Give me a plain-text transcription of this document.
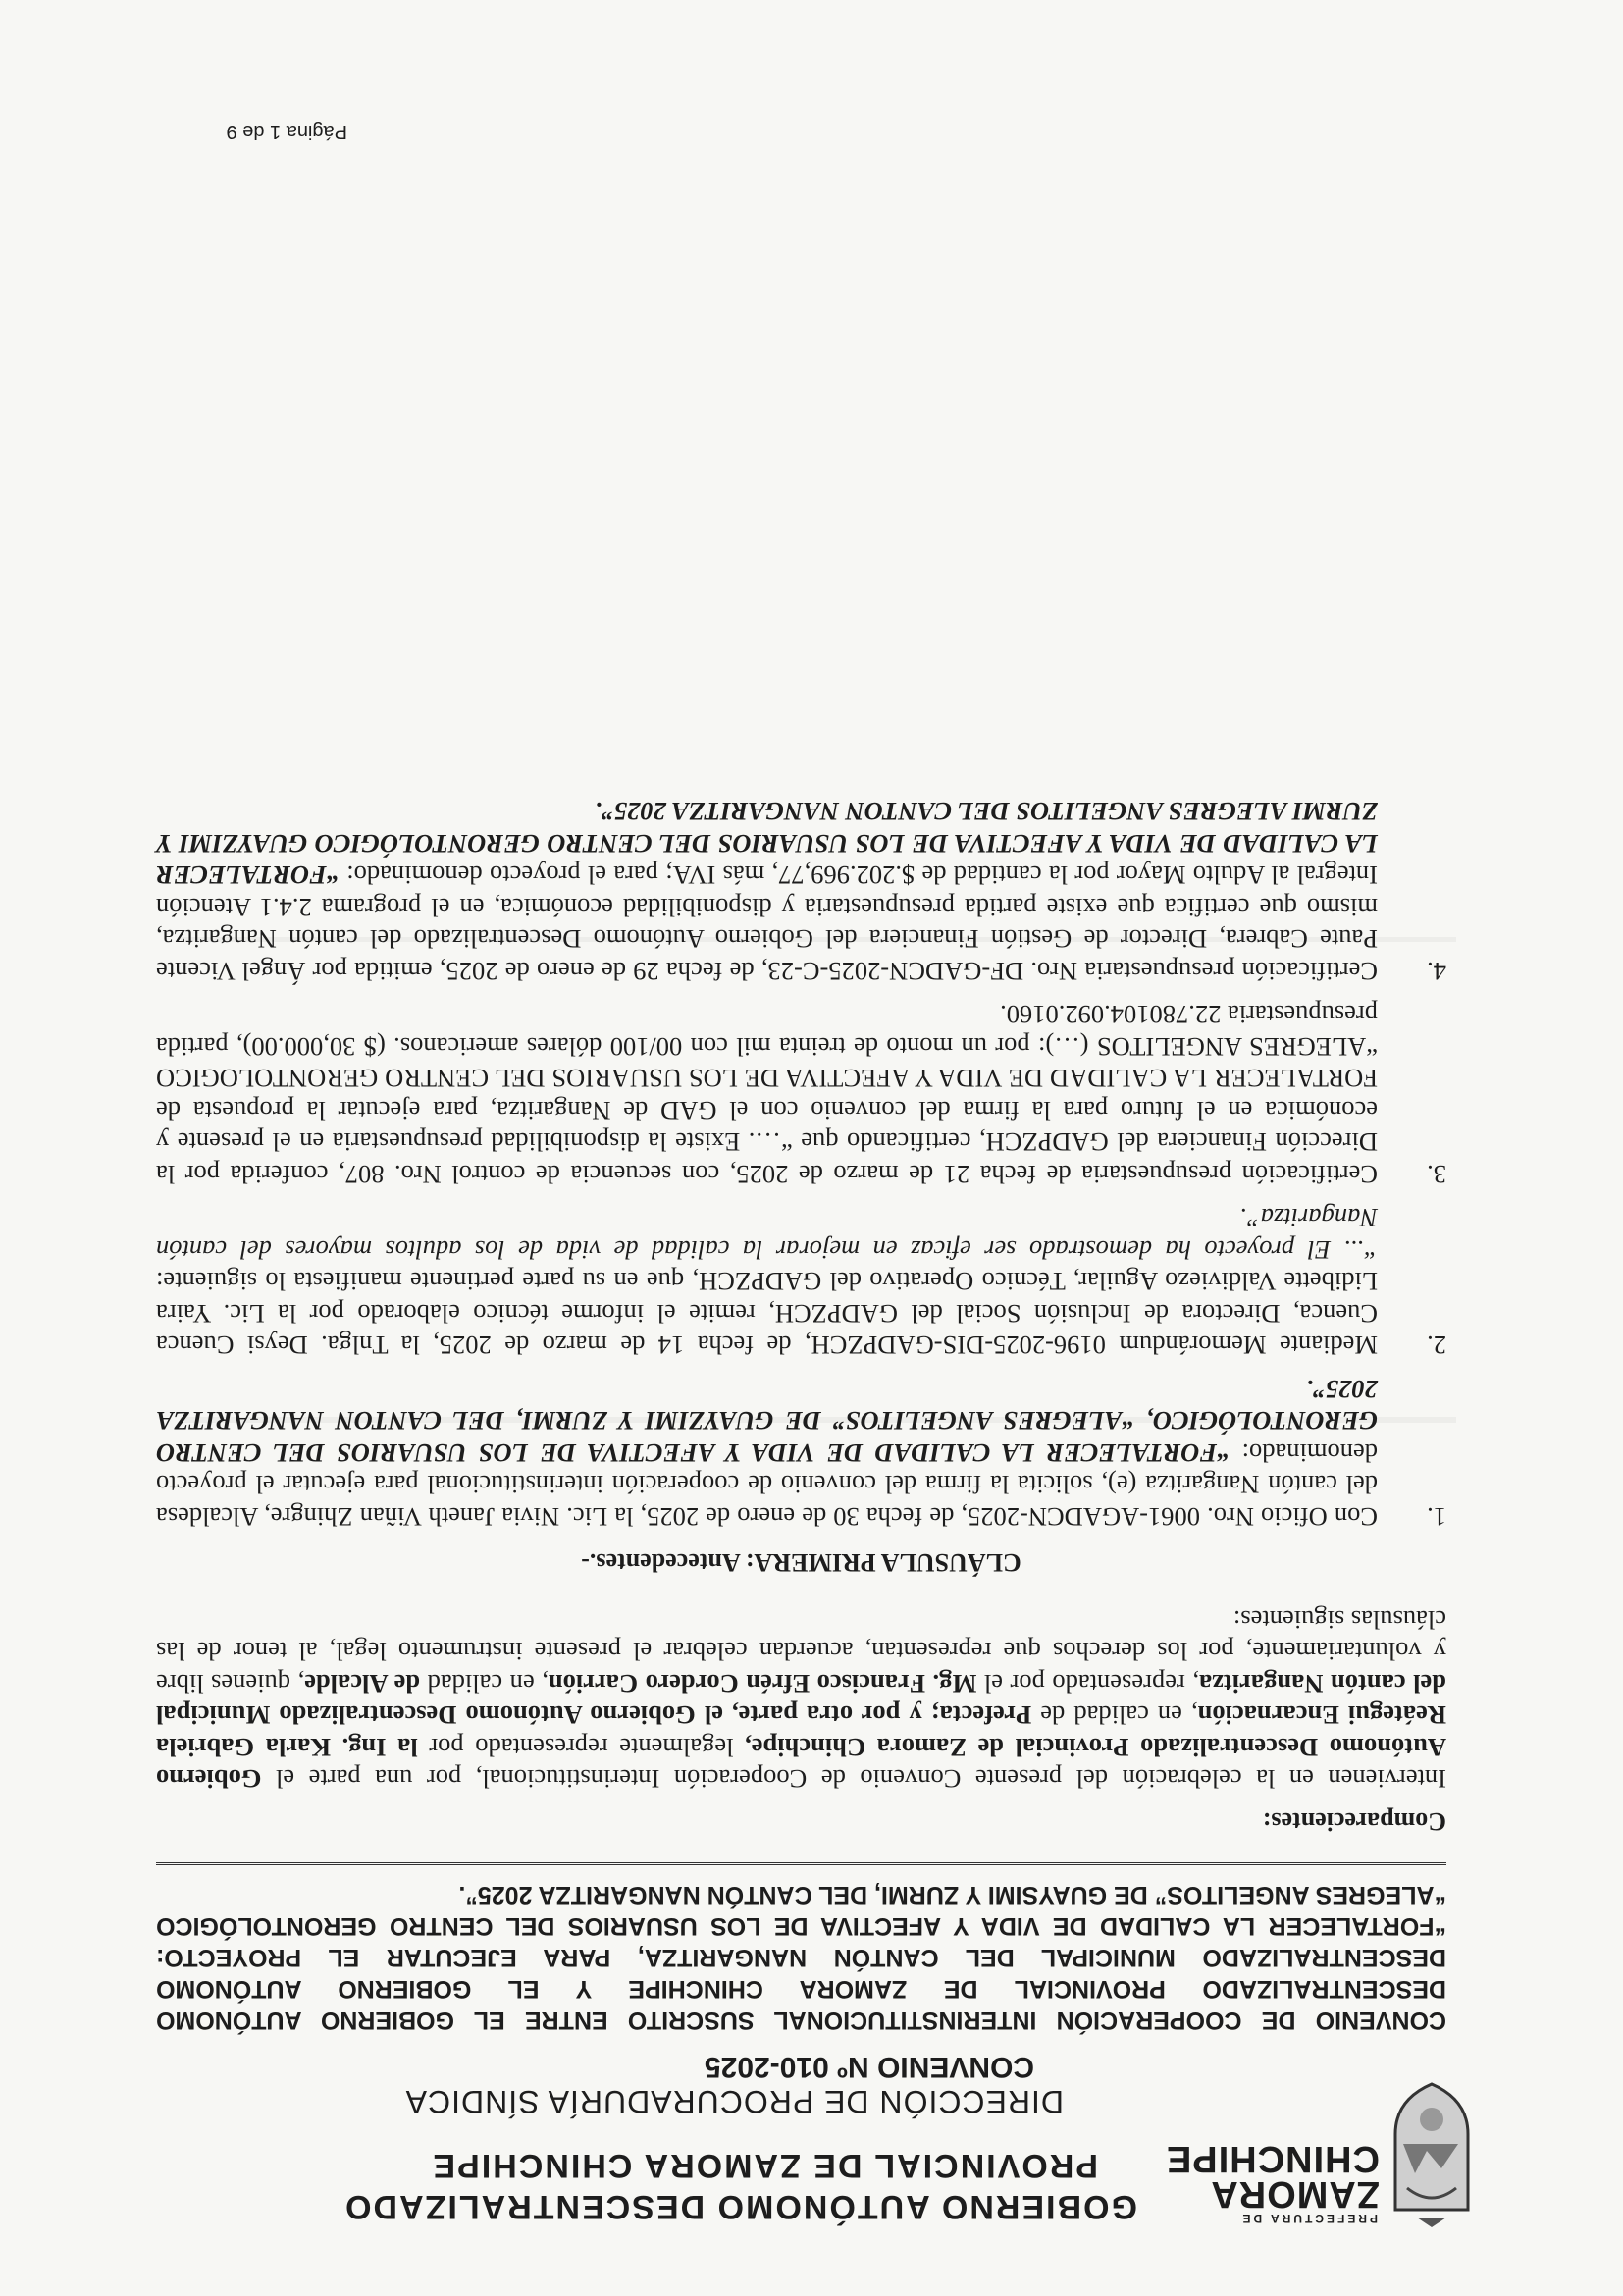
PREFECTURA DE
ZAMORA
CHINCHIPE
GOBIERNO AUTÓNOMO DESCENTRALIZADO
PROVINCIAL DE ZAMORA CHINCHIPE
DIRECCIÓN DE PROCURADURÍA SÍNDICA
CONVENIO Nº 010-2025
CONVENIO DE COOPERACIÓN INTERINSTITUCIONAL SUSCRITO ENTRE EL GOBIERNO AUTÓNOMO DESCENTRALIZADO PROVINCIAL DE ZAMORA CHINCHIPE Y EL GOBIERNO AUTÓNOMO DESCENTRALIZADO MUNICIPAL DEL CANTÓN NANGARITZA, PARA EJECUTAR EL PROYECTO: “FORTALECER LA CALIDAD DE VIDA Y AFECTIVA DE LOS USUARIOS DEL CENTRO GERONTOLÓGICO “ALEGRES ANGELITOS” DE GUAYSIMI Y ZURMI, DEL CANTÓN NANGARITZA 2025”.
Comparecientes:

Intervienen en la celebración del presente Convenio de Cooperación Interinstitucional, por una parte el Gobierno Autónomo Descentralizado Provincial de Zamora Chinchipe, legalmente representado por la Ing. Karla Gabriela Reátegui Encarnación, en calidad de Prefecta; y por otra parte, el Gobierno Autónomo Descentralizado Municipal del cantón Nangaritza, representado por el Mg. Francisco Efrén Cordero Carrión, en calidad de Alcalde, quienes libre y voluntariamente, por los derechos que representan, acuerdan celebrar el presente instrumento legal, al tenor de las cláusulas siguientes:

CLÁUSULA PRIMERA: Antecedentes.-
1.
Con Oficio Nro. 0061-AGADCN-2025, de fecha 30 de enero de 2025, la Lic. Nivia Janeth Viñan Zhingre, Alcaldesa del cantón Nangaritza (e), solicita la firma del convenio de cooperación interinstitucional para ejecutar el proyecto denominado: “FORTALECER LA CALIDAD DE VIDA Y AFECTIVA DE LOS USUARIOS DEL CENTRO GERONTOLÓGICO, “ALEGRES ANGELITOS” DE GUAYZIMI Y ZURMI, DEL CANTON NANGARITZA 2025”.
2.
Mediante Memorándum 0196-2025-DIS-GADPZCH, de fecha 14 de marzo de 2025, la Tnlga. Deysi Cuenca Cuenca, Directora de Inclusión Social del GADPZCH, remite el informe técnico elaborado por la Lic. Yaira Lidibette Valdiviezo Aguilar, Técnico Operativo del GADPZCH, que en su parte pertinente manifiesta lo siguiente: “... El proyecto ha demostrado ser eficaz en mejorar la calidad de vida de los adultos mayores del cantón Nangaritza”.
3.
Certificación presupuestaria de fecha 21 de marzo de 2025, con secuencia de control Nro. 807, conferida por la Dirección Financiera del GADPZCH, certificando que “…. Existe la disponibilidad presupuestaria en el presente y económica en el futuro para la firma del convenio con el GAD de Nangaritza, para ejecutar la propuesta de FORTALECER LA CALIDAD DE VIDA Y AFECTIVA DE LOS USUARIOS DEL CENTRO GERONTOLOGICO “ALEGRES ANGELITOS (…): por un monto de treinta mil con 00/100 dólares americanos. ($ 30,000.00), partida presupuestaria 22.780104.092.0160.
4.
Certificación presupuestaria Nro. DF-GADCN-2025-C-23, de fecha 29 de enero de 2025, emitida por Ángel Vicente Paute Cabrera, Director de Gestión Financiera del Gobierno Autónomo Descentralizado del cantón Nangaritza, mismo que certifica que existe partida presupuestaria y disponibilidad económica, en el programa 2.4.1 Atención Integral al Adulto Mayor por la cantidad de $.202.969,77, más IVA; para el proyecto denominado: “FORTALECER LA CALIDAD DE VIDA Y AFECTIVA DE LOS USUARIOS DEL CENTRO GERONTOLÓGICO GUAYZIMI Y ZURMI ALEGRES ANGELITOS DEL CANTON NANGARITZA 2025”.
Página 1 de 9
